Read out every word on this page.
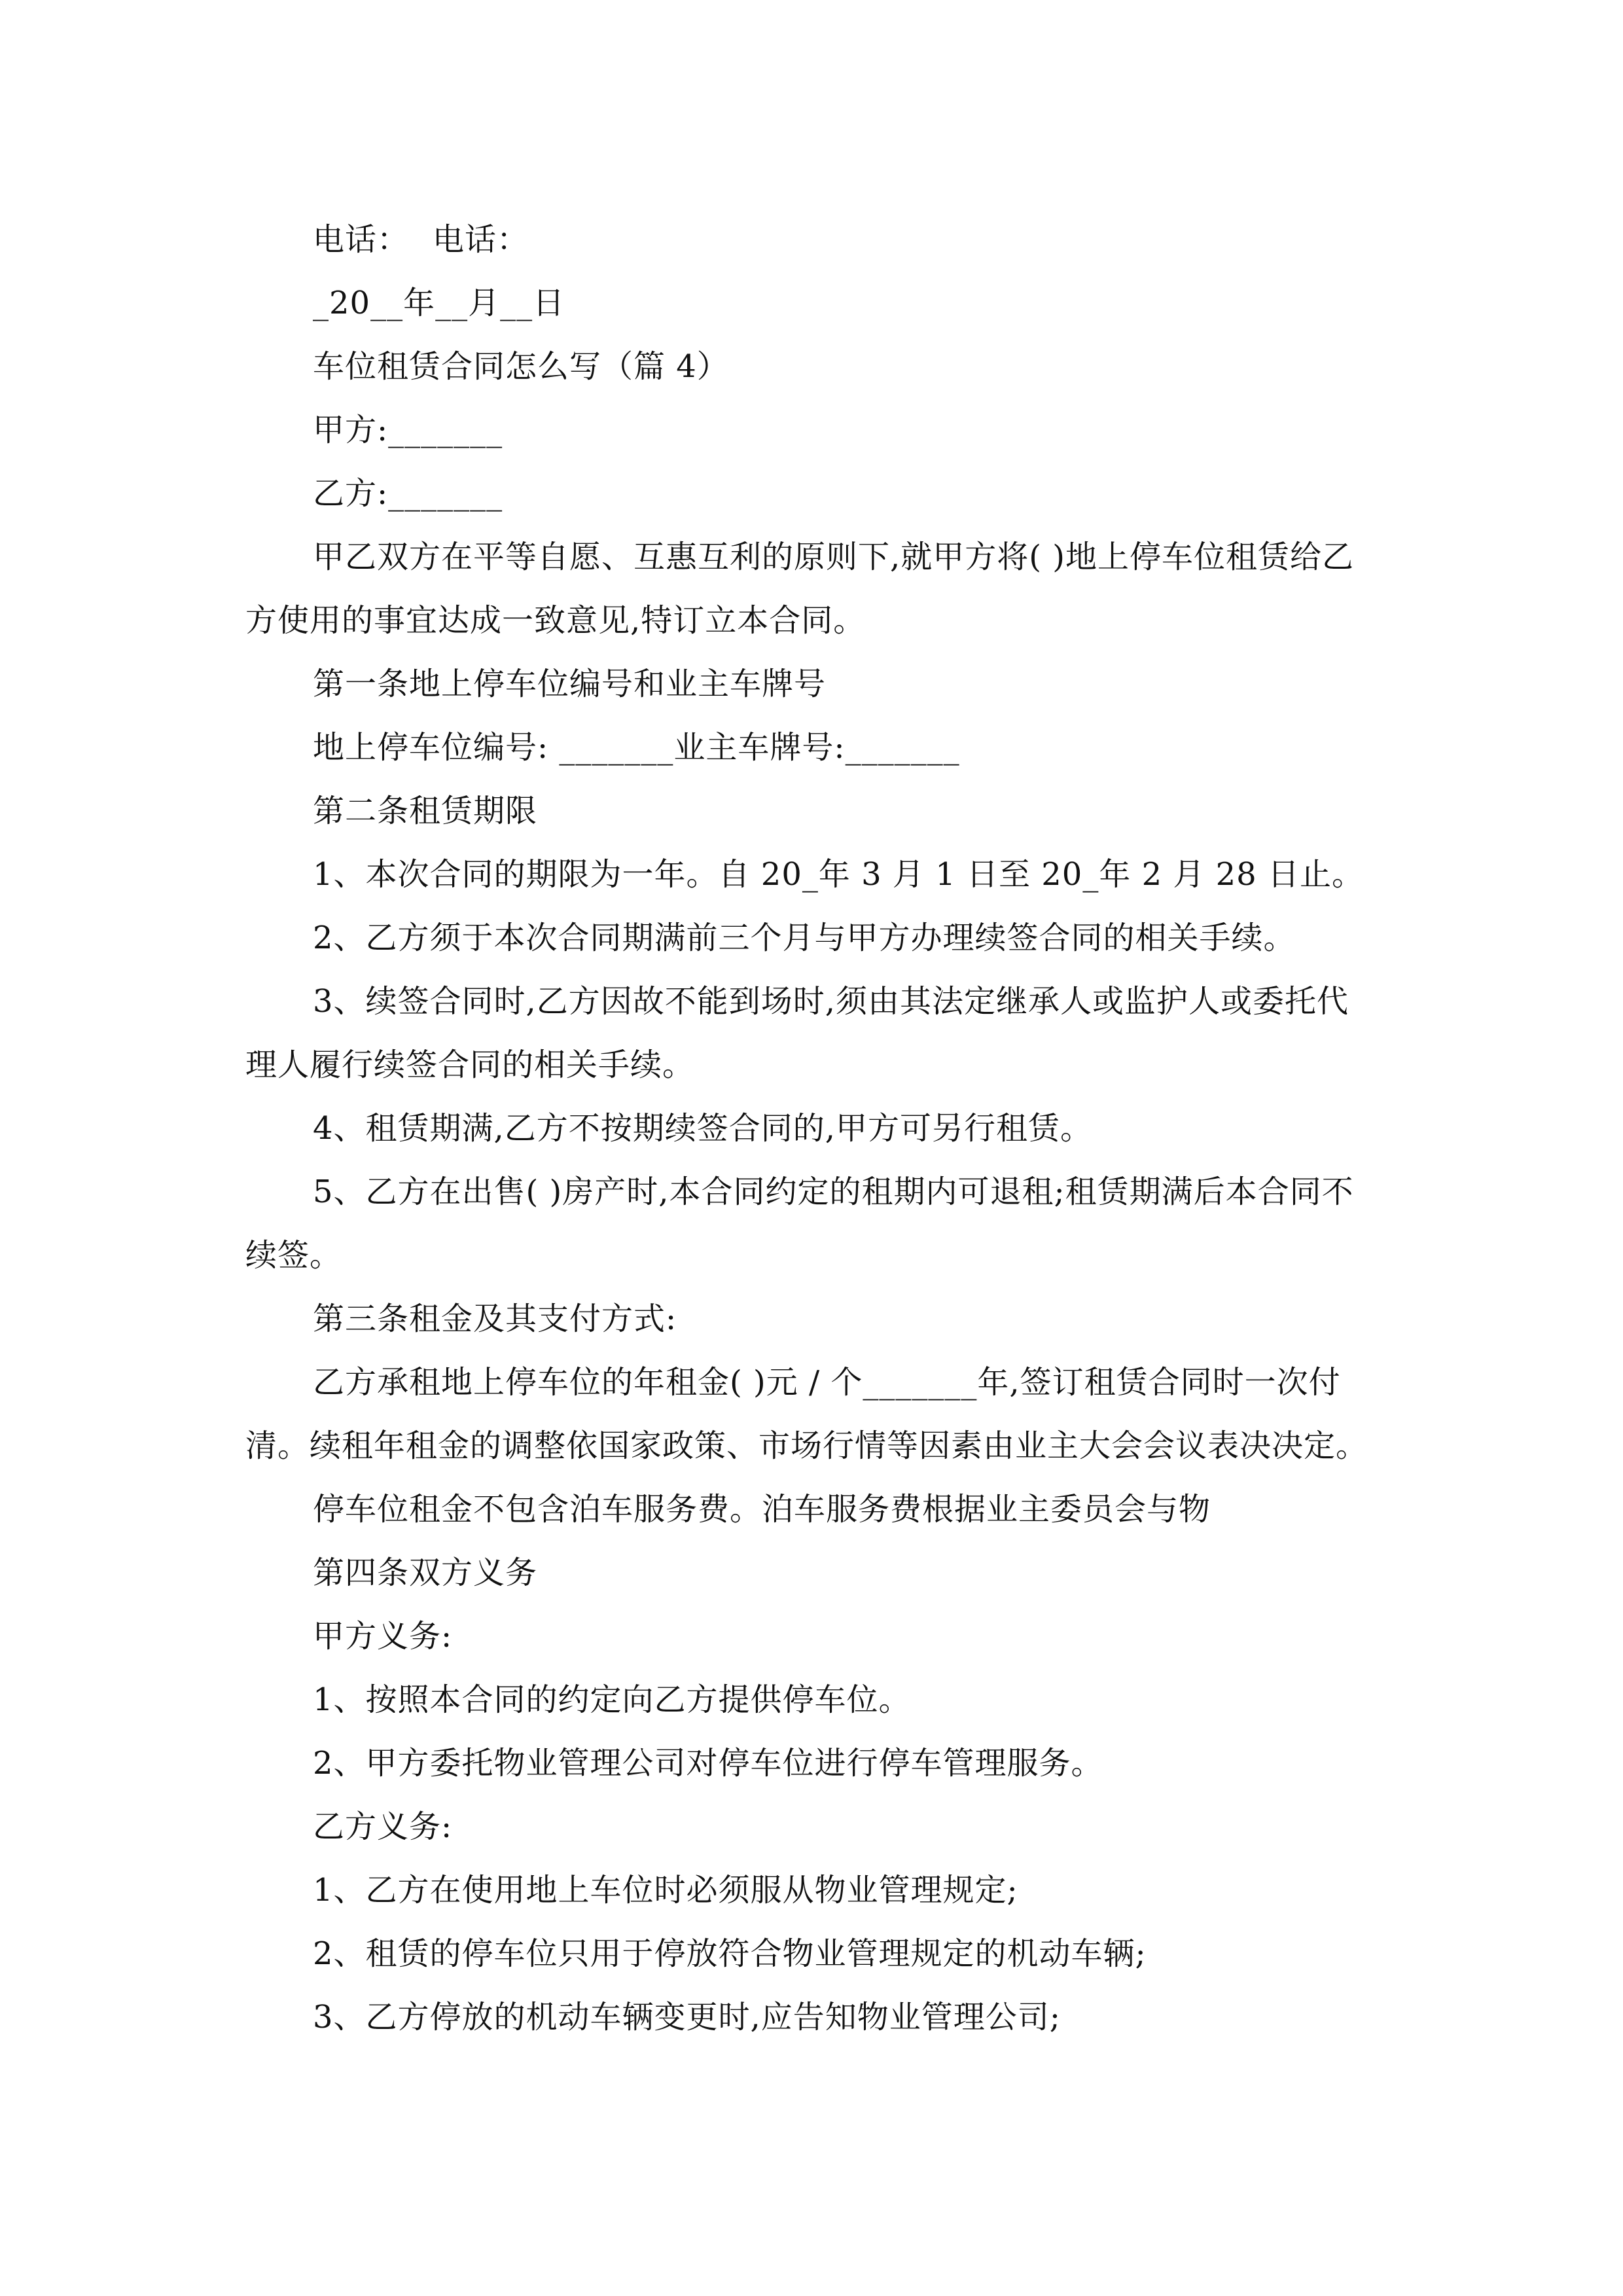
电话： 电话：
_20__年__月__日
车位租赁合同怎么写（篇 4）
甲方:_______
乙方:_______
甲乙双方在平等自愿、互惠互利的原则下,就甲方将( )地上停车位租赁给乙
方使用的事宜达成一致意见,特订立本合同。
第一条地上停车位编号和业主车牌号
地上停车位编号: _______业主车牌号:_______
第二条租赁期限
1、本次合同的期限为一年。自 20_年 3 月 1 日至 20_年 2 月 28 日止。
2、乙方须于本次合同期满前三个月与甲方办理续签合同的相关手续。
3、续签合同时,乙方因故不能到场时,须由其法定继承人或监护人或委托代
理人履行续签合同的相关手续。
4、租赁期满,乙方不按期续签合同的,甲方可另行租赁。
5、乙方在出售( )房产时,本合同约定的租期内可退租;租赁期满后本合同不
续签。
第三条租金及其支付方式:
乙方承租地上停车位的年租金( )元 / 个_______年,签订租赁合同时一次付
清。续租年租金的调整依国家政策、市场行情等因素由业主大会会议表决决定。
停车位租金不包含泊车服务费。泊车服务费根据业主委员会与物
第四条双方义务
甲方义务:
1、按照本合同的约定向乙方提供停车位。
2、甲方委托物业管理公司对停车位进行停车管理服务。
乙方义务:
1、乙方在使用地上车位时必须服从物业管理规定;
2、租赁的停车位只用于停放符合物业管理规定的机动车辆;
3、乙方停放的机动车辆变更时,应告知物业管理公司;
